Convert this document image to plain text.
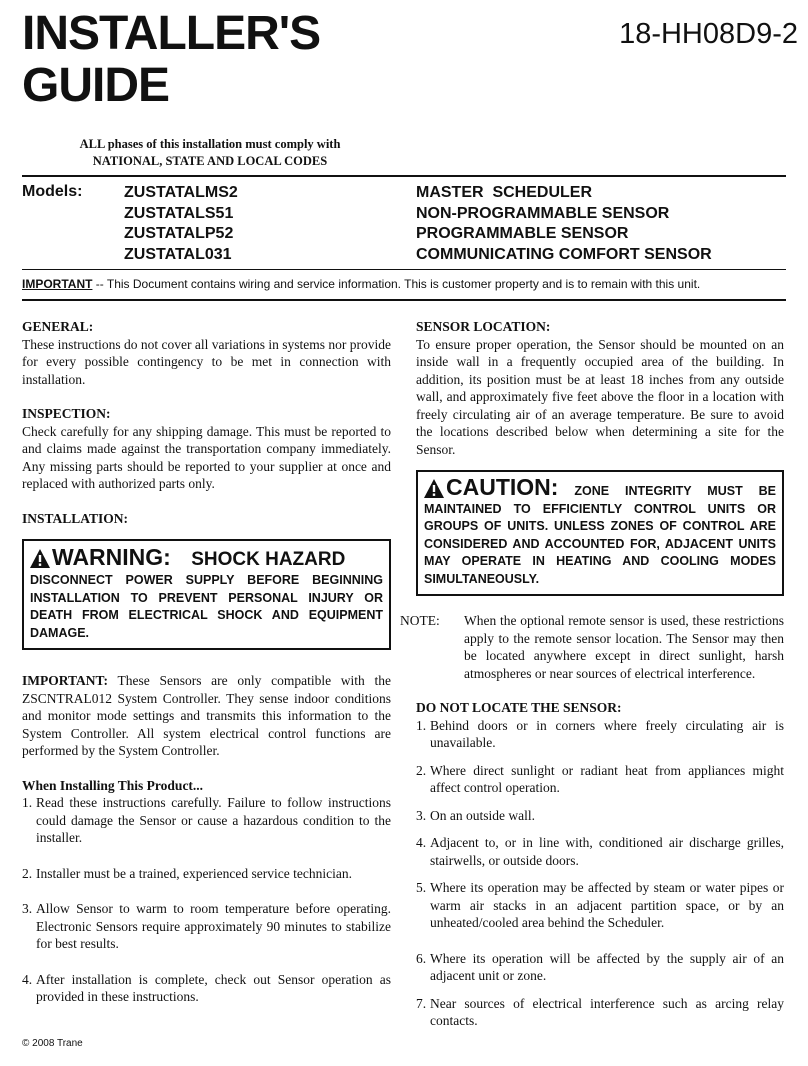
INSTALLER'S
GUIDE
18-HH08D9-2
ALL phases of this installation must comply with
NATIONAL, STATE AND LOCAL CODES
Models:	ZUSTATALMS2
ZUSTATALS51
ZUSTATALP52
ZUSTATAL031
MASTER  SCHEDULER
NON-PROGRAMMABLE SENSOR
PROGRAMMABLE SENSOR
COMMUNICATING COMFORT SENSOR
IMPORTANT -- This Document contains wiring and service information. This is customer property and is to remain with this unit.
GENERAL:

These instructions do not cover all variations in systems nor provide for every possible contingency to be met in connection with installation.

INSPECTION:

Check carefully for any shipping damage. This must be reported to and claims made against the transportation company immediately. Any missing parts should be reported to your supplier at once and replaced with authorized parts only.

INSTALLATION:
WARNING: SHOCK HAZARD
DISCONNECT POWER SUPPLY BEFORE BEGINNING INSTALLATION TO PREVENT PERSONAL INJURY OR DEATH FROM ELECTRICAL SHOCK AND EQUIPMENT DAMAGE.

IMPORTANT: These Sensors are only compatible with the ZSCNTRAL012 System Controller. They sense indoor conditions and monitor mode settings and transmits this information to the System Controller. All system electrical control functions are performed by the System Controller.

When Installing This Product...
1. Read these instructions carefully. Failure to follow instructions could damage the Sensor or cause a hazardous condition to the installer.
2. Installer must be a trained, experienced service technician.
3. Allow Sensor to warm to room temperature before operating. Electronic Sensors require approximately 90 minutes to stabilize for best results.
4. After installation is complete, check out Sensor operation as provided in these instructions.
SENSOR LOCATION:

To ensure proper operation, the Sensor should be mounted on an inside wall in a frequently occupied area of the building. In addition, its position must be at least 18 inches from any outside wall, and approximately five feet above the floor in a location with freely circulating air of an average temperature. Be sure to avoid the locations described below when determining a site for the Sensor.

CAUTION: ZONE INTEGRITY MUST BE MAINTAINED TO EFFICIENTLY CONTROL UNITS OR GROUPS OF UNITS. UNLESS ZONES OF CONTROL ARE CONSIDERED AND ACCOUNTED FOR, ADJACENT UNITS MAY OPERATE IN HEATING AND COOLING MODES SIMULTANEOUSLY.
NOTE: When the optional remote sensor is used, these restrictions apply to the remote sensor location. The Sensor may then be located anywhere except in direct sunlight, harsh atmospheres or near sources of electrical interference.
DO NOT LOCATE THE SENSOR:
1. Behind doors or in corners where freely circulating air is unavailable.
2. Where direct sunlight or radiant heat from appliances might affect control operation.
3. On an outside wall.
4. Adjacent to, or in line with, conditioned air discharge grilles, stairwells, or outside doors.
5. Where its operation may be affected by steam or water pipes or warm air stacks in an adjacent partition space, or by an unheated/cooled area behind the Scheduler.
6. Where its operation will be affected by the supply air of an adjacent unit or zone.
7. Near sources of electrical interference such as arcing relay contacts.
© 2008 Trane
